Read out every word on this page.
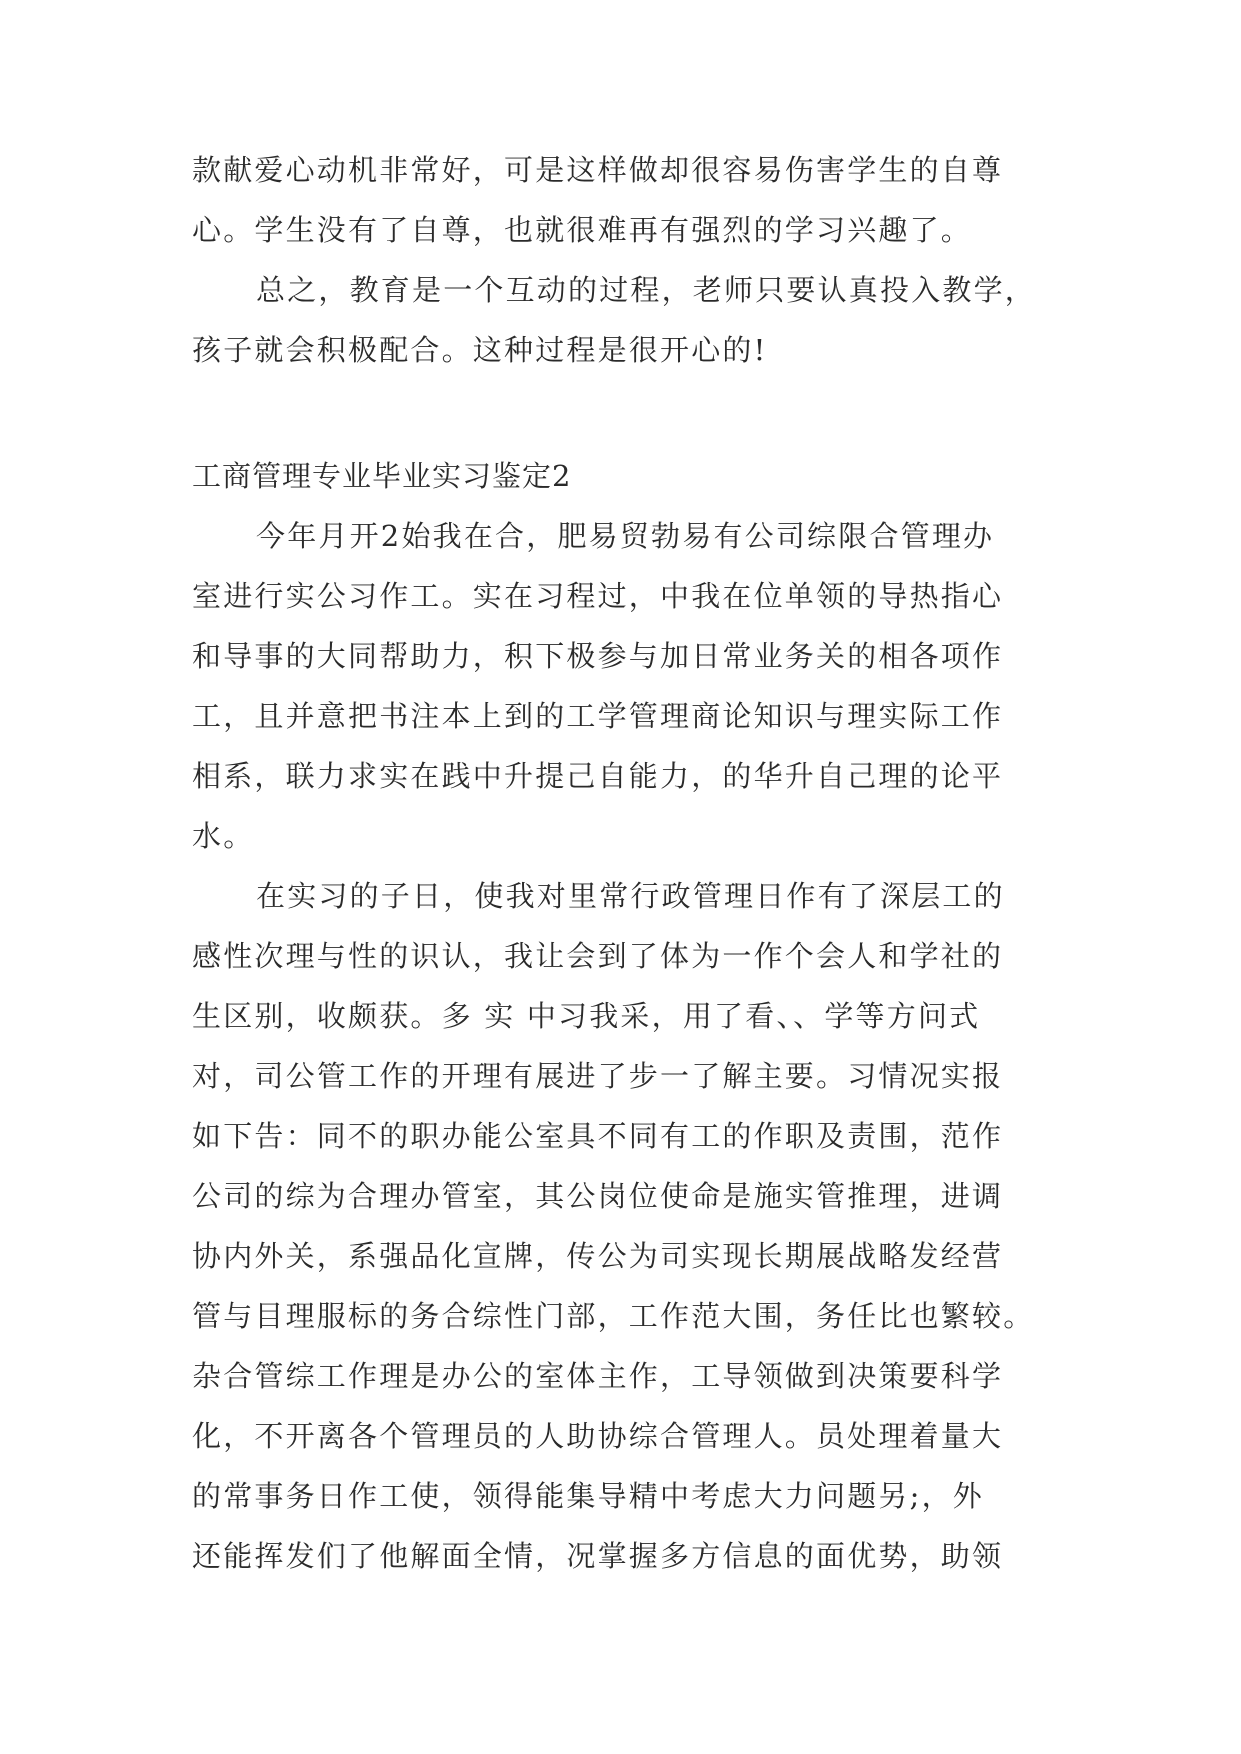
款献爱心动机非常好，可是这样做却很容易伤害学生的自尊
心。学生没有了自尊，也就很难再有强烈的学习兴趣了。
总之，教育是一个互动的过程，老师只要认真投入教学，
孩子就会积极配合。这种过程是很开心的!
工商管理专业毕业实习鉴定2
今年月开2始我在合，肥易贸勃易有公司综限合管理办
室进行实公习作工。实在习程过，中我在位单领的导热指心
和导事的大同帮助力，积下极参与加日常业务关的相各项作
工，且并意把书注本上到的工学管理商论知识与理实际工作
相系，联力求实在践中升提己自能力，的华升自己理的论平
水。
在实习的子日，使我对里常行政管理日作有了深层工的
感性次理与性的识认，我让会到了体为一作个会人和学社的
生区别，收颇获。多 实 中习我采，用了看、、学等方问式
对，司公管工作的开理有展进了步一了解主要。习情况实报
如下告：同不的职办能公室具不同有工的作职及责围，范作
公司的综为合理办管室，其公岗位使命是施实管推理，进调
协内外关，系强品化宣牌，传公为司实现长期展战略发经营
管与目理服标的务合综性门部，工作范大围，务任比也繁较。
杂合管综工作理是办公的室体主作，工导领做到决策要科学
化，不开离各个管理员的人助协综合管理人。员处理着量大
的常事务日作工使，领得能集导精中考虑大力问题另;，外
还能挥发们了他解面全情，况掌握多方信息的面优势，助领
